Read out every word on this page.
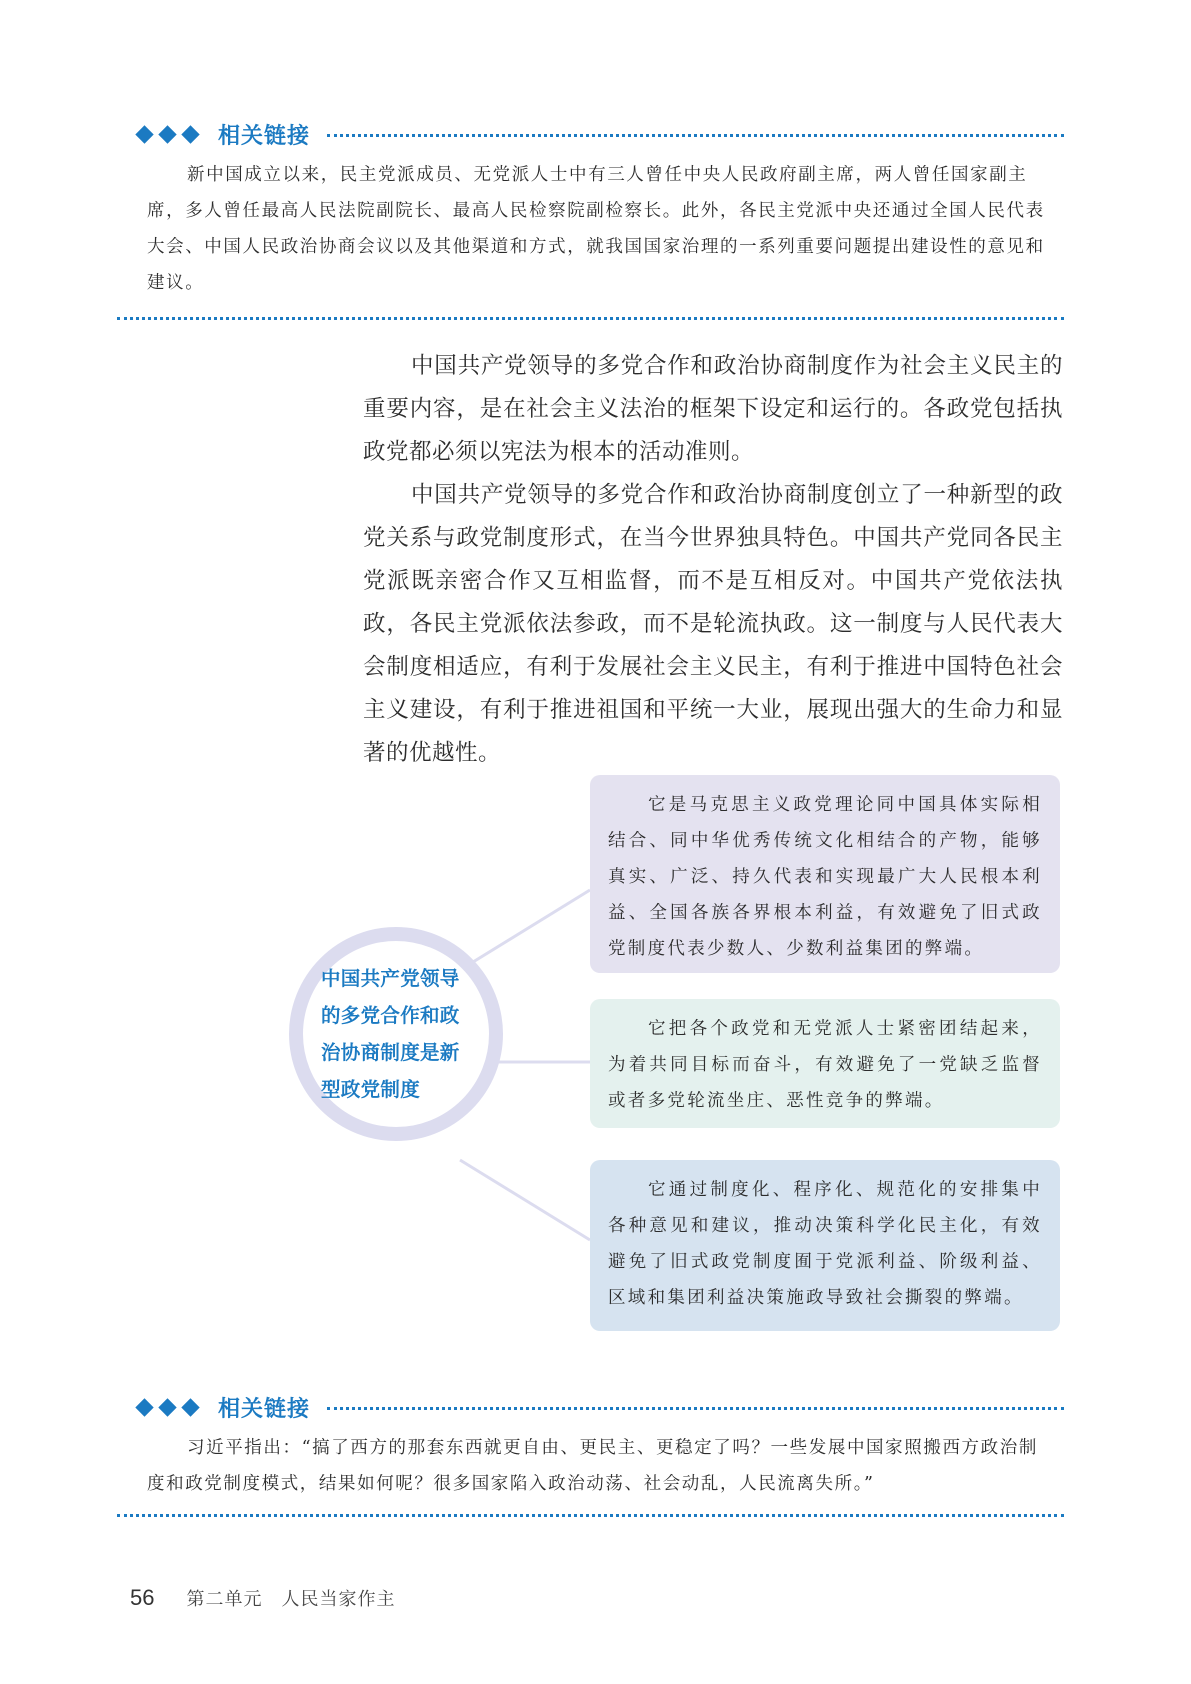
相关链接

新中国成立以来，民主党派成员、无党派人士中有三人曾任中央人民政府副主席，两人曾任国家副主席，多人曾任最高人民法院副院长、最高人民检察院副检察长。此外，各民主党派中央还通过全国人民代表大会、中国人民政治协商会议以及其他渠道和方式，就我国国家治理的一系列重要问题提出建设性的意见和建议。

中国共产党领导的多党合作和政治协商制度作为社会主义民主的重要内容，是在社会主义法治的框架下设定和运行的。各政党包括执政党都必须以宪法为根本的活动准则。

中国共产党领导的多党合作和政治协商制度创立了一种新型的政党关系与政党制度形式，在当今世界独具特色。中国共产党同各民主党派既亲密合作又互相监督，而不是互相反对。中国共产党依法执政，各民主党派依法参政，而不是轮流执政。这一制度与人民代表大会制度相适应，有利于发展社会主义民主，有利于推进中国特色社会主义建设，有利于推进祖国和平统一大业，展现出强大的生命力和显著的优越性。

中国共产党领导的多党合作和政治协商制度是新型政党制度

它是马克思主义政党理论同中国具体实际相结合、同中华优秀传统文化相结合的产物，能够真实、广泛、持久代表和实现最广大人民根本利益、全国各族各界根本利益，有效避免了旧式政党制度代表少数人、少数利益集团的弊端。

它把各个政党和无党派人士紧密团结起来，为着共同目标而奋斗，有效避免了一党缺乏监督或者多党轮流坐庄、恶性竞争的弊端。

它通过制度化、程序化、规范化的安排集中各种意见和建议，推动决策科学化民主化，有效避免了旧式政党制度囿于党派利益、阶级利益、区域和集团利益决策施政导致社会撕裂的弊端。

相关链接

习近平指出：“搞了西方的那套东西就更自由、更民主、更稳定了吗？一些发展中国家照搬西方政治制度和政党制度模式，结果如何呢？很多国家陷入政治动荡、社会动乱，人民流离失所。”

56 第二单元　人民当家作主
